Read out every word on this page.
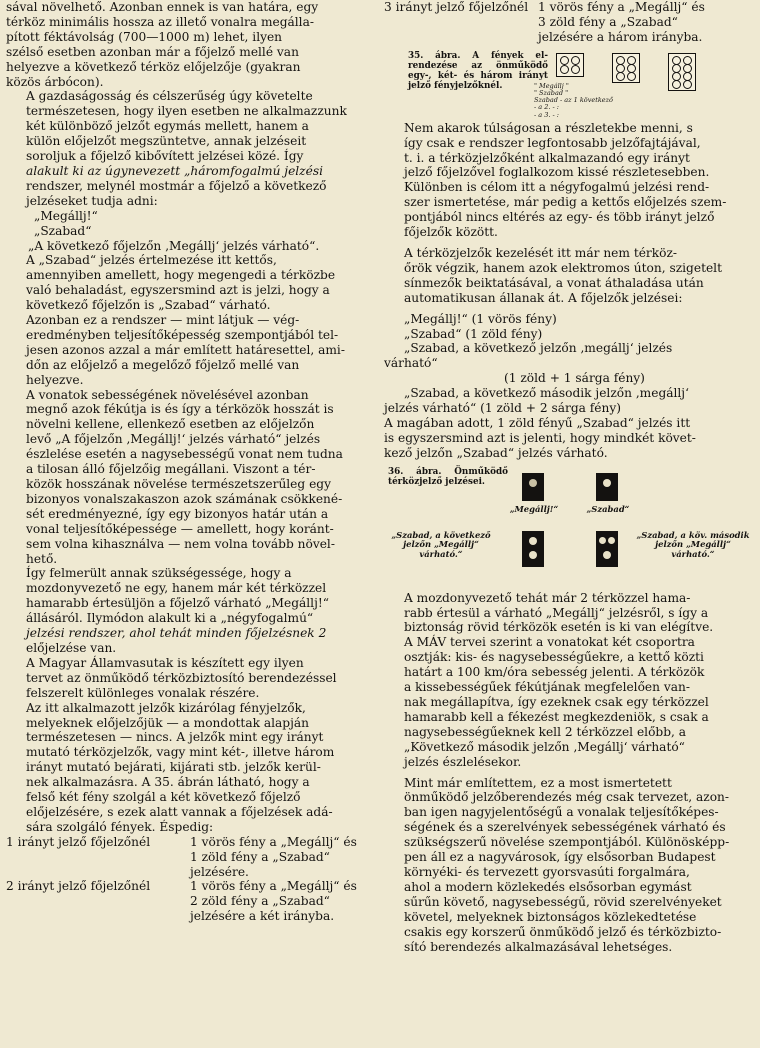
sával növelhető. Azonban ennek is van határa, egy
térköz minimális hossza az illető vonalra megálla-
pított féktávolság (700—1000 m) lehet, ilyen
szélső esetben azonban már a főjelző mellé van
helyezve a következő térköz előjelzője (gyakran
közös árbócon).

A gazdaságosság és célszerűség úgy követelte
természetesen, hogy ilyen esetben ne alkalmazzunk
két különböző jelzőt egymás mellett, hanem a
külön előjelzőt megszüntetve, annak jelzéseit
soroljuk a főjelző kibővített jelzései közé. Így
alakult ki az úgynevezett „háromfogalmú jelzési
rendszer, melynél mostmár a főjelző a következő
jelzéseket tudja adni:

„Megállj!“
„Szabad“
„A következő főjelzőn ‚Megállj‘ jelzés várható“.

A „Szabad“ jelzés értelmezése itt kettős,
amennyiben amellett, hogy megengedi a térközbe
való behaladást, egyszersmind azt is jelzi, hogy a
következő főjelzőn is „Szabad“ várható.

Azonban ez a rendszer — mint látjuk — vég-
eredményben teljesítőképesség szempontjából tel-
jesen azonos azzal a már említett határesettel, ami-
dőn az előjelző a megelőző főjelző mellé van
helyezve.

A vonatok sebességének növelésével azonban
megnő azok fékútja is és így a térközök hosszát is
növelni kellene, ellenkező esetben az előjelzőn
levő „A főjelzőn ‚Megállj!‘ jelzés várható“ jelzés
észlelése esetén a nagysebességű vonat nem tudna
a tilosan álló főjelzőig megállani. Viszont a tér-
közök hosszának növelése természetszerűleg egy
bizonyos vonalszakaszon azok számának csökkené-
sét eredményezné, így egy bizonyos határ után a
vonal teljesítőképessége — amellett, hogy koránt-
sem volna kihasználva — nem volna tovább növel-
hető.

Így felmerült annak szükségessége, hogy a
mozdonyvezető ne egy, hanem már két térközzel
hamarabb értesüljön a főjelző várható „Megállj!“
állásáról. Ilymódon alakult ki a „négyfogalmú“
jelzési rendszer, ahol tehát minden főjelzésnek 2
előjelzése van.

A Magyar Államvasutak is készített egy ilyen
tervet az önműködő térközbiztosító berendezéssel
felszerelt különleges vonalak részére.

Az itt alkalmazott jelzők kizárólag fényjelzők,
melyeknek előjelzőjük — a mondottak alapján
természetesen — nincs. A jelzők mint egy irányt
mutató térközjelzők, vagy mint két-, illetve három
irányt mutató bejárati, kijárati stb. jelzők kerül-
nek alkalmazásra. A 35. ábrán látható, hogy a
felső két fény szolgál a két következő főjelző
előjelzésére, s ezek alatt vannak a főjelzések adá-
sára szolgáló fények. Éspedig:

1 irányt jelző főjelzőnél	1 vörös fény a „Megállj“ és
1 zöld fény a „Szabad“
jelzésére.
2 irányt jelző főjelzőnél	1 vörös fény a „Megállj“ és
2 zöld fény a „Szabad“
jelzésére a két irányba.
3 irányt jelző főjelzőnél 1 vörös fény a „Megállj“ és
3 zöld fény a „Szabad“
jelzésére a három irányba.
35. ábra. A fények el-rendezése az önműködő egy-, két- és három irányt jelző fényjelzőknél.	" Megállj "
" Szabad "
Szabad - az 1 következő
- a 2. - :
- a 3. - :

Nem akarok túlságosan a részletekbe menni, s
így csak e rendszer legfontosabb jelzőfajtájával,
t. i. a térközjelzőként alkalmazandó egy irányt
jelző főjelzővel foglalkozom kissé részletesebben.
Különben is célom itt a négyfogalmú jelzési rend-
szer ismertetése, már pedig a kettős előjelzés szem-
pontjából nincs eltérés az egy- és több irányt jelző
főjelzők között.

A térközjelzők kezelését itt már nem térköz-
őrök végzik, hanem azok elektromos úton, szigetelt
sínmezők beiktatásával, a vonat áthaladása után
automatikusan állanak át. A főjelzők jelzései:

„Megállj!“ (1 vörös fény)
„Szabad“ (1 zöld fény)
„Szabad, a következő jelzőn ‚megállj‘ jelzés
várható“
(1 zöld + 1 sárga fény)
„Szabad, a következő második jelzőn ‚megállj‘
jelzés várható“ (1 zöld + 2 sárga fény)

A magában adott, 1 zöld fényű „Szabad“ jelzés itt
is egyszersmind azt is jelenti, hogy mindkét követ-
kező jelzőn „Szabad“ jelzés várható.

36. ábra. Önműködő térközjelző jelzései.
„Megállj!“	„Szabad“
„Szabad, a következő jelzőn „Megállj“ várható.“
„Szabad, a köv. második jelzőn „Megállj“ várható.“

A mozdonyvezető tehát már 2 térközzel hama-
rabb értesül a várható „Megállj“ jelzésről, s így a
biztonság rövid térközök esetén is ki van elégítve.
A MÁV tervei szerint a vonatokat két csoportra
osztják: kis- és nagysebességűekre, a kettő közti
határt a 100 km/óra sebesség jelenti. A térközök
a kissebességűek fékútjának megfelelően van-
nak megállapítva, így ezeknek csak egy térközzel
hamarabb kell a fékezést megkezdeniök, s csak a
nagysebességűeknek kell 2 térközzel előbb, a
„Következő második jelzőn ‚Megállj‘ várható“
jelzés észlelésekor.

Mint már említettem, ez a most ismertetett
önműködő jelzőberendezés még csak tervezet, azon-
ban igen nagyjelentőségű a vonalak teljesítőképes-
ségének és a szerelvények sebességének várható és
szükségszerű növelése szempontjából. Különösképp-
pen áll ez a nagyvárosok, így elsősorban Budapest
környéki- és tervezett gyorsvasúti forgalmára,
ahol a modern közlekedés elsősorban egymást
sűrűn követő, nagysebességű, rövid szerelvényeket
követel, melyeknek biztonságos közlekedtetése
csakis egy korszerű önműködő jelző és térközbizto-
sító berendezés alkalmazásával lehetséges.
